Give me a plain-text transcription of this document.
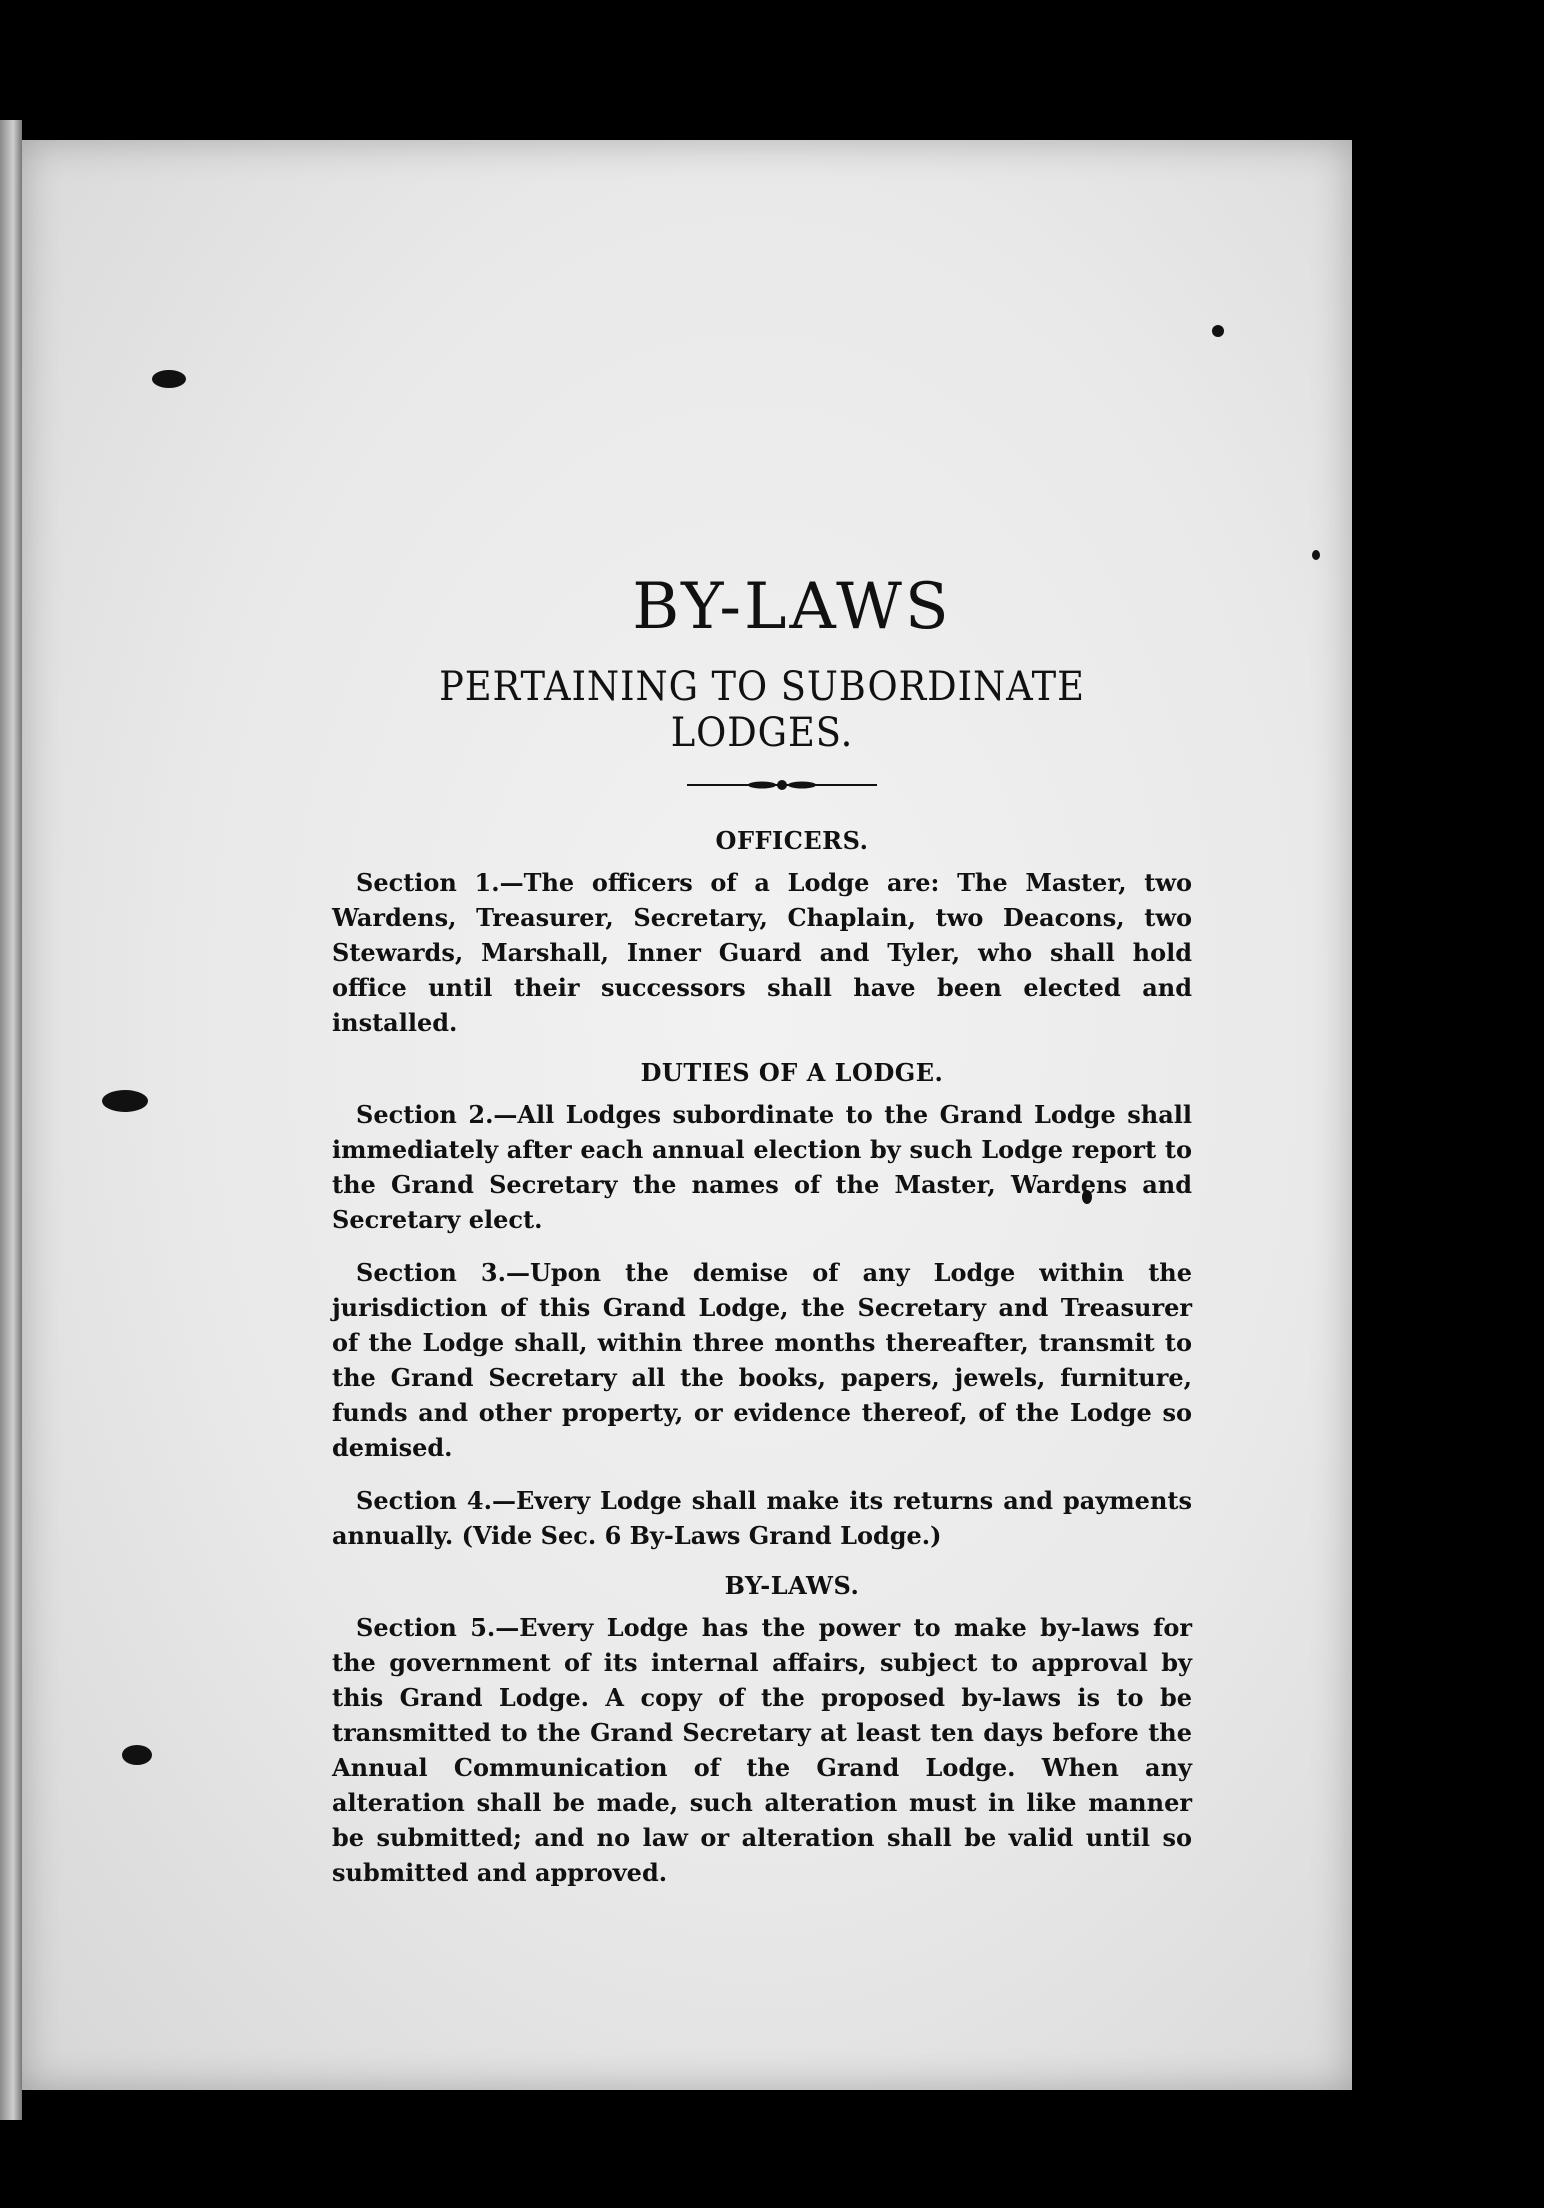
BY-LAWS
PERTAINING TO SUBORDINATE LODGES.
OFFICERS.

Section 1.—The officers of a Lodge are: The Master, two Wardens, Treasurer, Secretary, Chaplain, two Deacons, two Stewards, Marshall, Inner Guard and Tyler, who shall hold office until their successors shall have been elected and installed.

DUTIES OF A LODGE.

Section 2.—All Lodges subordinate to the Grand Lodge shall immediately after each annual election by such Lodge report to the Grand Secretary the names of the Master, Wardens and Secretary elect.

Section 3.—Upon the demise of any Lodge within the jurisdiction of this Grand Lodge, the Secretary and Treasurer of the Lodge shall, within three months thereafter, transmit to the Grand Secretary all the books, papers, jewels, furniture, funds and other property, or evidence thereof, of the Lodge so demised.

Section 4.—Every Lodge shall make its returns and payments annually. (Vide Sec. 6 By-Laws Grand Lodge.)

BY-LAWS.

Section 5.—Every Lodge has the power to make by-laws for the government of its internal affairs, subject to approval by this Grand Lodge. A copy of the proposed by-laws is to be transmitted to the Grand Secretary at least ten days before the Annual Communication of the Grand Lodge. When any alteration shall be made, such alteration must in like manner be submitted; and no law or alteration shall be valid until so submitted and approved.
